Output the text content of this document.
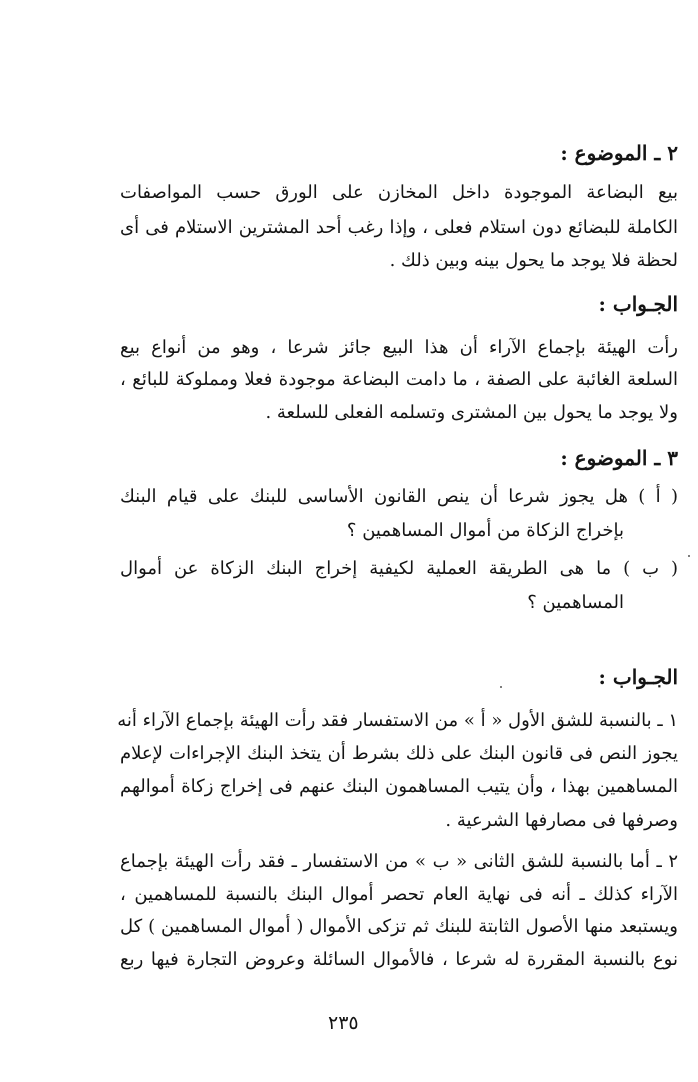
٢ ـ الموضوع :
بيع البضاعة الموجودة داخل المخازن على الورق حسب المواصفات
الكاملة للبضائع دون استلام فعلى ، وإذا رغب أحد المشترين الاستلام فى أى
لحظة فلا يوجد ما يحول بينه وبين ذلك .
الجـواب :
رأت الهيئة بإجماع الآراء أن هذا البيع جائز شرعا ، وهو من أنواع بيع
السلعة الغائبة على الصفة ، ما دامت البضاعة موجودة فعلا ومملوكة للبائع ،
ولا يوجد ما يحول بين المشترى وتسلمه الفعلى للسلعة .
٣ ـ الموضوع :
( أ ) هل يجوز شرعا أن ينص القانون الأساسى للبنك على قيام البنك
بإخراج الزكاة من أموال المساهمين ؟
( ب ) ما هى الطريقة العملية لكيفية إخراج البنك الزكاة عن أموال
المساهمين ؟
الجـواب :
١ ـ بالنسبة للشق الأول « أ » من الاستفسار فقد رأت الهيئة بإجماع الآراء أنه
يجوز النص فى قانون البنك على ذلك بشرط أن يتخذ البنك الإجراءات لإعلام
المساهمين بهذا ، وأن يتيب المساهمون البنك عنهم فى إخراج زكاة أموالهم
وصرفها فى مصارفها الشرعية .
٢ ـ أما بالنسبة للشق الثانى « ب » من الاستفسار ـ فقد رأت الهيئة بإجماع
الآراء كذلك ـ أنه فى نهاية العام تحصر أموال البنك بالنسبة للمساهمين ،
ويستبعد منها الأصول الثابتة للبنك ثم تزكى الأموال ( أموال المساهمين ) كل
نوع بالنسبة المقررة له شرعا ، فالأموال السائلة وعروض التجارة فيها ربع
٢٣٥
